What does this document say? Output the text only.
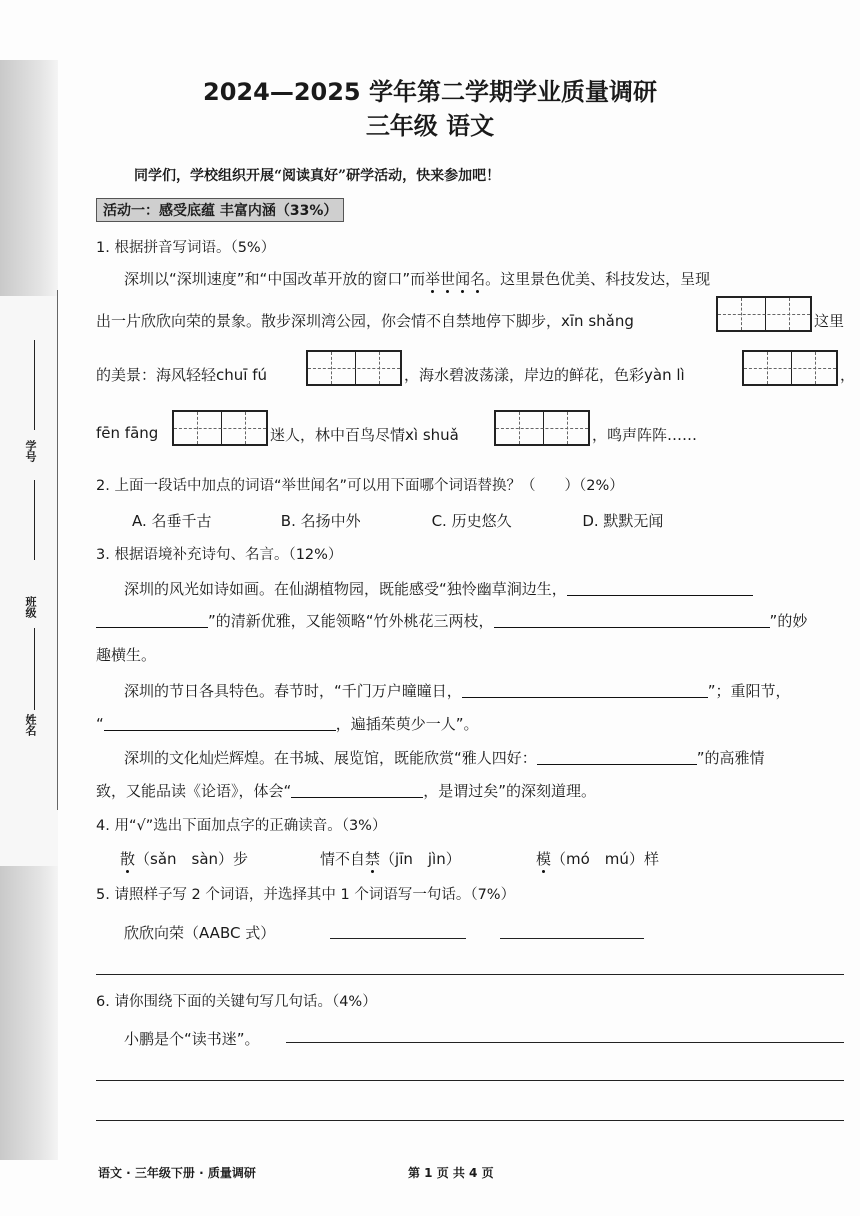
学号
班级
姓名
2024—2025 学年第二学期学业质量调研
三年级 语文
同学们，学校组织开展“阅读真好”研学活动，快来参加吧！
活动一：感受底蕴 丰富内涵（33%）
1. 根据拼音写词语。（5%）
深圳以“深圳速度”和“中国改革开放的窗口”而举世闻名。这里景色优美、科技发达，呈现
出一片欣欣向荣的景象。散步深圳湾公园，你会情不自禁地停下脚步，xīn shǎng	这里
的美景：海风轻轻chuī fú	，海水碧波荡漾，岸边的鲜花，色彩yàn lì	，
fēn fāng	迷人，林中百鸟尽情xì shuǎ	，鸣声阵阵……
2. 上面一段话中加点的词语“举世闻名”可以用下面哪个词语替换？（　　）（2%）
A. 名垂千古	B. 名扬中外	C. 历史悠久	D. 默默无闻
3. 根据语境补充诗句、名言。（12%）
深圳的风光如诗如画。在仙湖植物园，既能感受“独怜幽草涧边生，
”的清新优雅，又能领略“竹外桃花三两枝，	”的妙
趣横生。
深圳的节日各具特色。春节时，“千门万户曈曈日，	”；重阳节，
“	，遍插茱萸少一人”。
深圳的文化灿烂辉煌。在书城、展览馆，既能欣赏“雅人四好：	”的高雅情
致，又能品读《论语》，体会“	，是谓过矣”的深刻道理。
4. 用“√”选出下面加点字的正确读音。（3%）
散（sǎn　sàn）步	情不自禁（jīn　jìn）	模（mó　mú）样
5. 请照样子写 2 个词语，并选择其中 1 个词语写一句话。（7%）
欣欣向荣（AABC 式）
6. 请你围绕下面的关键句写几句话。（4%）
小鹏是个“读书迷”。
语文 · 三年级下册 · 质量调研	第 1 页 共 4 页
